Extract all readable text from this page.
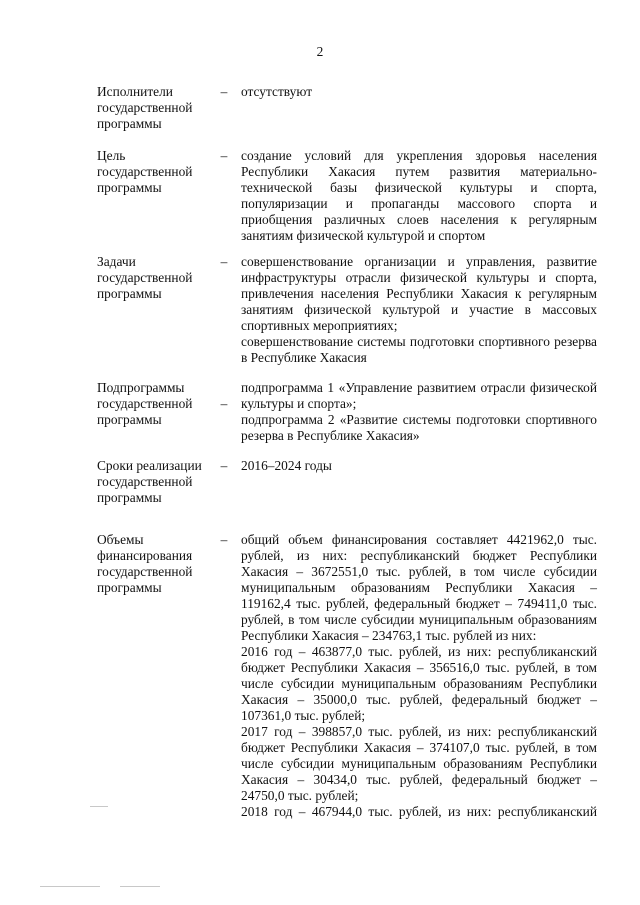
2
Исполнители государственной программы
– отсутствуют

Цель государственной программы
– создание условий для укрепления здоровья населения Республики Хакасия путем развития материально-технической базы физической культуры и спорта, популяризации и пропаганды массового спорта и приобщения различных слоев населения к регулярным занятиям физической культурой и спортом

Задачи государственной программы
– совершенствование организации и управления, развитие инфраструктуры отрасли физической культуры и спорта, привлечения населения Республики Хакасия к регулярным занятиям физической культурой и участие в массовых спортивных мероприятиях;

совершенствование системы подготовки спортивного резерва в Республике Хакасия

Подпрограммы государственной программы
–

подпрограмма 1 «Управление развитием отрасли физической культуры и спорта»;

подпрограмма 2 «Развитие системы подготовки спортивного резерва в Республике Хакасия»

Сроки реализации государственной программы
– 2016–2024 годы

Объемы финансирования государственной программы
– общий объем финансирования составляет 4421962,0 тыс. рублей, из них: республиканский бюджет Республики Хакасия – 3672551,0 тыс. рублей, в том числе субсидии муниципальным образованиям Республики Хакасия – 119162,4 тыс. рублей, федеральный бюджет – 749411,0 тыс. рублей, в том числе субсидии муниципальным образованиям Республики Хакасия – 234763,1 тыс. рублей из них:

2016 год – 463877,0 тыс. рублей, из них: республиканский бюджет Республики Хакасия – 356516,0 тыс. рублей, в том числе субсидии муниципальным образованиям Республики Хакасия – 35000,0 тыс. рублей, федеральный бюджет – 107361,0 тыс. рублей;

2017 год – 398857,0 тыс. рублей, из них: республиканский бюджет Республики Хакасия – 374107,0 тыс. рублей, в том числе субсидии муниципальным образованиям Республики Хакасия – 30434,0 тыс. рублей, федеральный бюджет – 24750,0 тыс. рублей;

2018 год – 467944,0 тыс. рублей, из них: республиканский
